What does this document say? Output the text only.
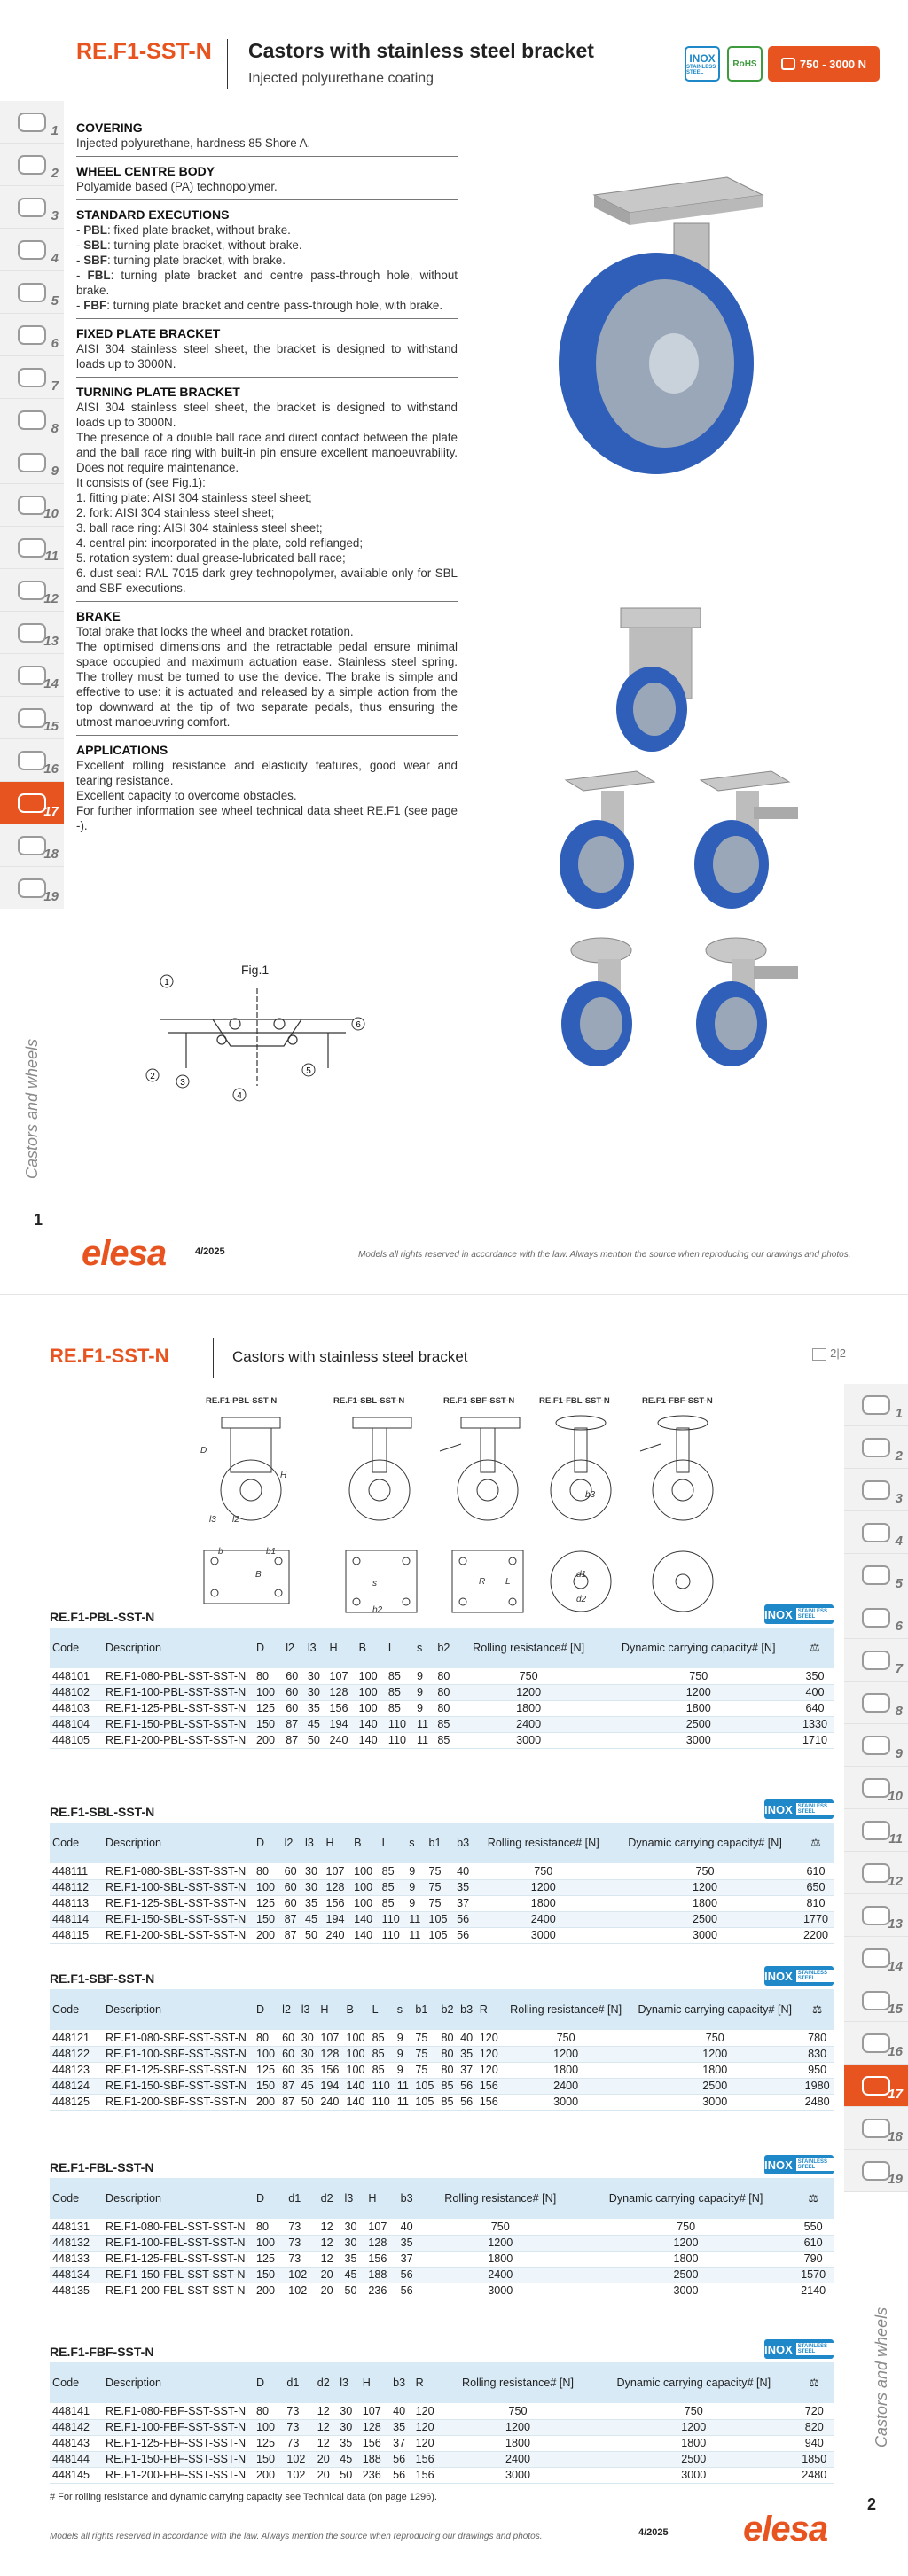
RE.F1-SST-N Castors with stainless steel bracket
Injected polyurethane coating
INOX
STAINLESS STEEL
RoHS	750 - 3000 N
1
2
3
4
5
6
7
8
9
10
11
12
13
14
15
16
17
18
19
COVERING
Injected polyurethane, hardness 85 Shore A.
WHEEL CENTRE BODY
Polyamide based (PA) technopolymer.
STANDARD EXECUTIONS
- PBL: fixed plate bracket, without brake.
- SBL: turning plate bracket, without brake.
- SBF: turning plate bracket, with brake.
- FBL: turning plate bracket and centre pass-through hole, without brake.
- FBF: turning plate bracket and centre pass-through hole, with brake.
FIXED PLATE BRACKET
AISI 304 stainless steel sheet, the bracket is designed to withstand loads up to 3000N.
TURNING PLATE BRACKET
AISI 304 stainless steel sheet, the bracket is designed to withstand loads up to 3000N.
The presence of a double ball race and direct contact between the plate and the ball race ring with built-in pin ensure excellent manoeuvrability. Does not require maintenance.
It consists of (see Fig.1):
1. fitting plate: AISI 304 stainless steel sheet;
2. fork: AISI 304 stainless steel sheet;
3. ball race ring: AISI 304 stainless steel sheet;
4. central pin: incorporated in the plate, cold reflanged;
5. rotation system: dual grease-lubricated ball race;
6. dust seal: RAL 7015 dark grey technopolymer, available only for SBL and SBF executions.
BRAKE
Total brake that locks the wheel and bracket rotation.
The optimised dimensions and the retractable pedal ensure minimal space occupied and maximum actuation ease. Stainless steel spring. The trolley must be turned to use the device. The brake is simple and effective to use: it is actuated and released by a simple action from the top downward at the tip of two separate pedals, thus ensuring the utmost manoeuvring comfort.
APPLICATIONS
Excellent rolling resistance and elasticity features, good wear and tearing resistance.
Excellent capacity to overcome obstacles.
For further information see wheel technical data sheet RE.F1 (see page -).
Fig.1
1
2
3
4
5
6
Castors and wheels
1
elesa	4/2025	Models all rights reserved in accordance with the law. Always mention the source when reproducing our drawings and photos.
RE.F1-SST-N	Castors with stainless steel bracket	2|2
1
2
3
4
5
6
7
8
9
10
11
12
13
14
15
16
17
18
19
RE.F1-PBL-SST-N	RE.F1-SBL-SST-N	RE.F1-SBF-SST-N	RE.F1-FBL-SST-N	RE.F1-FBF-SST-N
D
H
l2
l3
b	b1
B
b2
L
d1
d2
R
b3
s
RE.F1-PBL-SST-N	INOX	STAINLESS STEEL
Code	Description	D	l2	l3	H	B	L	s	b2	Rolling resistance# [N]	Dynamic carrying capacity# [N]	⚖
448101	RE.F1-080-PBL-SST-SST-N	80	60	30	107	100	85	9	80	750	750	350
448102	RE.F1-100-PBL-SST-SST-N	100	60	30	128	100	85	9	80	1200	1200	400
448103	RE.F1-125-PBL-SST-SST-N	125	60	35	156	100	85	9	80	1800	1800	640
448104	RE.F1-150-PBL-SST-SST-N	150	87	45	194	140	110	11	85	2400	2500	1330
448105	RE.F1-200-PBL-SST-SST-N	200	87	50	240	140	110	11	85	3000	3000	1710
RE.F1-SBL-SST-N	INOX	STAINLESS STEEL
Code	Description	D	l2	l3	H	B	L	s	b1	b3	Rolling resistance# [N]	Dynamic carrying capacity# [N]	⚖
448111	RE.F1-080-SBL-SST-SST-N	80	60	30	107	100	85	9	75	40	750	750	610
448112	RE.F1-100-SBL-SST-SST-N	100	60	30	128	100	85	9	75	35	1200	1200	650
448113	RE.F1-125-SBL-SST-SST-N	125	60	35	156	100	85	9	75	37	1800	1800	810
448114	RE.F1-150-SBL-SST-SST-N	150	87	45	194	140	110	11	105	56	2400	2500	1770
448115	RE.F1-200-SBL-SST-SST-N	200	87	50	240	140	110	11	105	56	3000	3000	2200
RE.F1-SBF-SST-N	INOX	STAINLESS STEEL
Code	Description	D	l2	l3	H	B	L	s	b1	b2	b3	R	Rolling resistance# [N]	Dynamic carrying capacity# [N]	⚖
448121	RE.F1-080-SBF-SST-SST-N	80	60	30	107	100	85	9	75	80	40	120	750	750	780
448122	RE.F1-100-SBF-SST-SST-N	100	60	30	128	100	85	9	75	80	35	120	1200	1200	830
448123	RE.F1-125-SBF-SST-SST-N	125	60	35	156	100	85	9	75	80	37	120	1800	1800	950
448124	RE.F1-150-SBF-SST-SST-N	150	87	45	194	140	110	11	105	85	56	156	2400	2500	1980
448125	RE.F1-200-SBF-SST-SST-N	200	87	50	240	140	110	11	105	85	56	156	3000	3000	2480
RE.F1-FBL-SST-N	INOX	STAINLESS STEEL
Code	Description	D	d1	d2	l3	H	b3	Rolling resistance# [N]	Dynamic carrying capacity# [N]	⚖
448131	RE.F1-080-FBL-SST-SST-N	80	73	12	30	107	40	750	750	550
448132	RE.F1-100-FBL-SST-SST-N	100	73	12	30	128	35	1200	1200	610
448133	RE.F1-125-FBL-SST-SST-N	125	73	12	35	156	37	1800	1800	790
448134	RE.F1-150-FBL-SST-SST-N	150	102	20	45	188	56	2400	2500	1570
448135	RE.F1-200-FBL-SST-SST-N	200	102	20	50	236	56	3000	3000	2140
RE.F1-FBF-SST-N	INOX	STAINLESS STEEL
Code	Description	D	d1	d2	l3	H	b3	R	Rolling resistance# [N]	Dynamic carrying capacity# [N]	⚖
448141	RE.F1-080-FBF-SST-SST-N	80	73	12	30	107	40	120	750	750	720
448142	RE.F1-100-FBF-SST-SST-N	100	73	12	30	128	35	120	1200	1200	820
448143	RE.F1-125-FBF-SST-SST-N	125	73	12	35	156	37	120	1800	1800	940
448144	RE.F1-150-FBF-SST-SST-N	150	102	20	45	188	56	156	2400	2500	1850
448145	RE.F1-200-FBF-SST-SST-N	200	102	20	50	236	56	156	3000	3000	2480
# For rolling resistance and dynamic carrying capacity see Technical data (on page 1296).
Models all rights reserved in accordance with the law. Always mention the source when reproducing our drawings and photos.	4/2025 elesa
Castors and wheels
2
